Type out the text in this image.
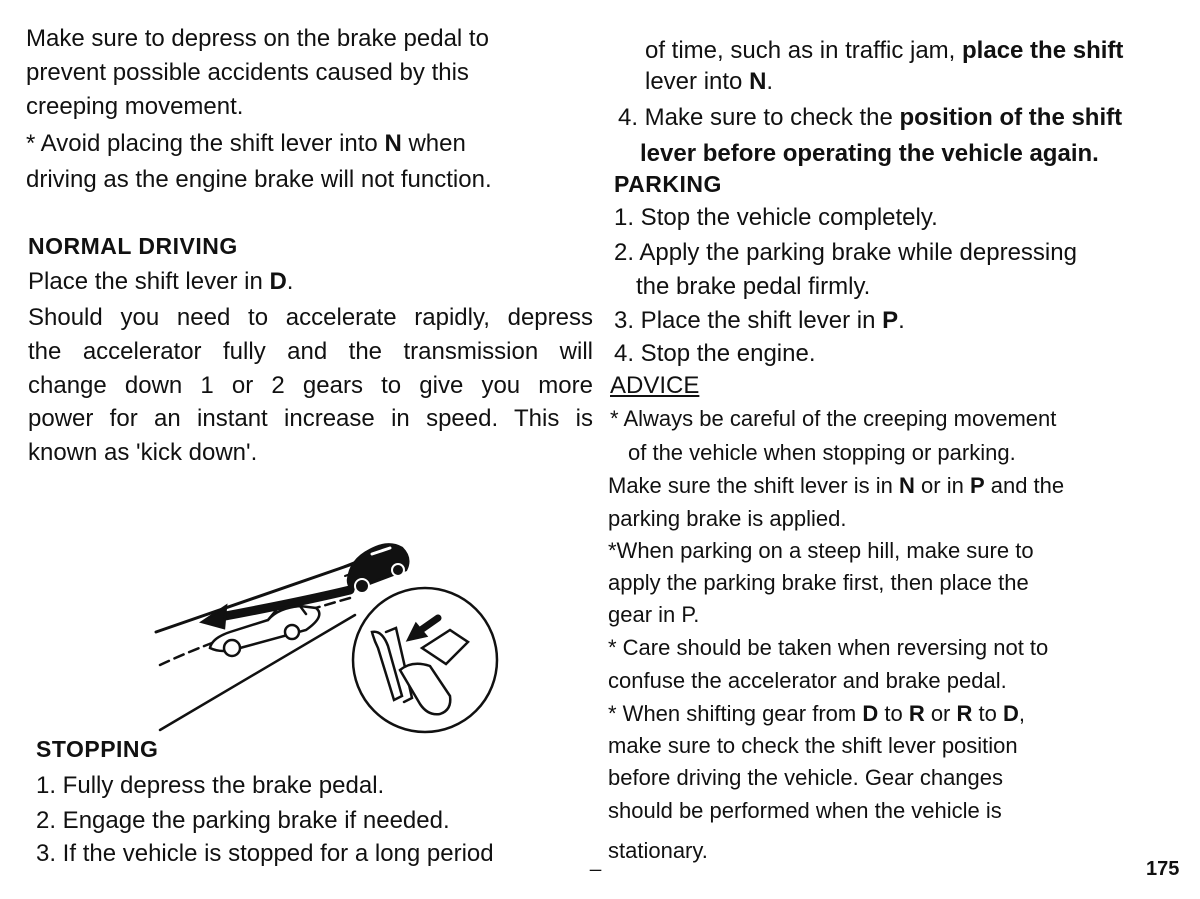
Make sure to depress on the brake pedal to
prevent possible accidents caused by this
creeping movement.
* Avoid placing the shift lever into N when
driving as the engine brake will not function.
NORMAL DRIVING
Place the shift lever in D.
Should you need to accelerate rapidly, depress
the accelerator fully and the transmission will
change down 1 or 2 gears to give you more
power for an instant increase in speed. This is
known as 'kick down'.
STOPPING
1. Fully depress the brake pedal.
2. Engage the parking brake if needed.
3. If the vehicle is stopped for a long period
of time, such as in traffic jam, place the shift
lever into N.
4. Make sure to check the position of the shift
lever before operating the vehicle again.
PARKING
1. Stop the vehicle completely.
2. Apply the parking brake while depressing
the brake pedal firmly.
3. Place the shift lever in P.
4. Stop the engine.
ADVICE
* Always be careful of the creeping movement
of the vehicle when stopping or parking.
Make sure the shift lever is in N or in P and the
parking brake is applied.
*When parking on a steep hill, make sure to
apply the parking brake first, then place the
gear in P.
* Care should be taken when reversing not to
confuse the accelerator and brake pedal.
* When shifting gear from D to R or R to D,
make sure to check the shift lever position
before driving the vehicle. Gear changes
should be performed when the vehicle is
stationary.
_	175
